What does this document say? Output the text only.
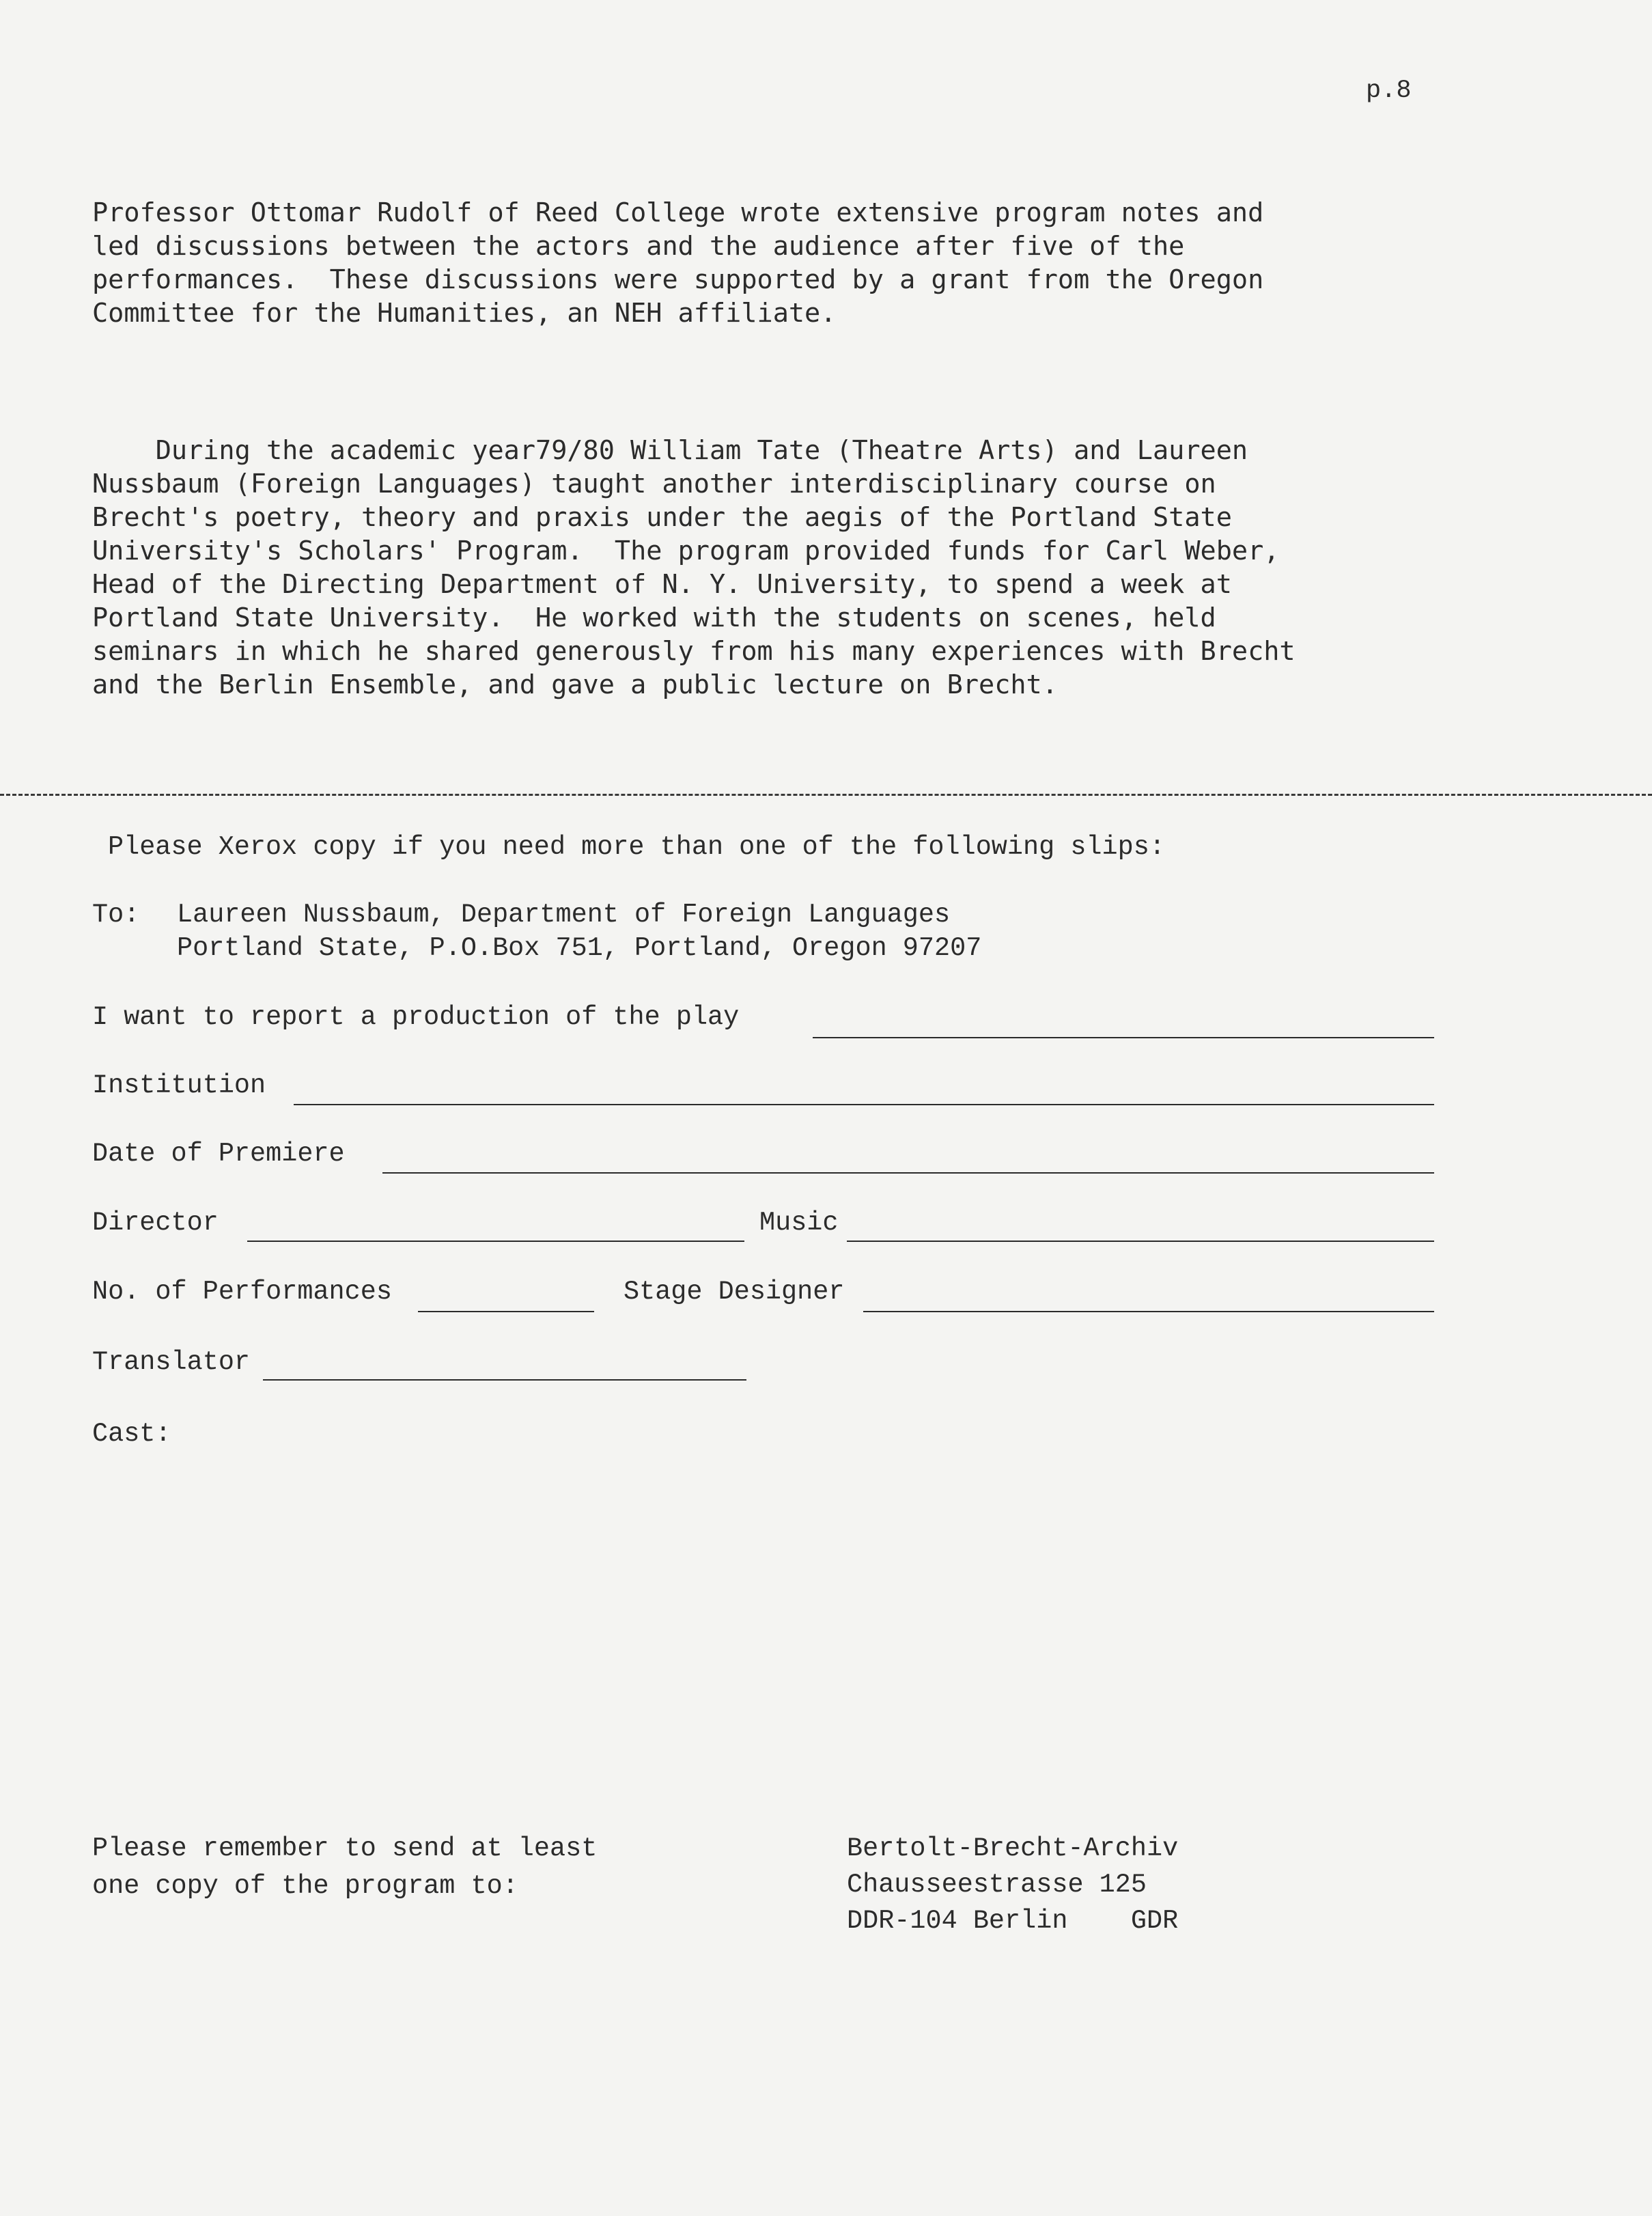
p.8
Professor Ottomar Rudolf of Reed College wrote extensive program notes and
led discussions between the actors and the audience after five of the
performances.  These discussions were supported by a grant from the Oregon
Committee for the Humanities, an NEH affiliate.
During the academic year79/80 William Tate (Theatre Arts) and Laureen
Nussbaum (Foreign Languages) taught another interdisciplinary course on
Brecht's poetry, theory and praxis under the aegis of the Portland State
University's Scholars' Program.  The program provided funds for Carl Weber,
Head of the Directing Department of N. Y. University, to spend a week at
Portland State University.  He worked with the students on scenes, held
seminars in which he shared generously from his many experiences with Brecht
and the Berlin Ensemble, and gave a public lecture on Brecht.
Please Xerox copy if you need more than one of the following slips:
To: Laureen Nussbaum, Department of Foreign Languages
Portland State, P.O.Box 751, Portland, Oregon 97207
I want to report a production of the play
Institution
Date of Premiere
Director	Music
No. of Performances	Stage Designer
Translator
Cast:
Please remember to send at least
one copy of the program to:
Bertolt-Brecht-Archiv
Chausseestrasse 125
DDR-104 Berlin    GDR
